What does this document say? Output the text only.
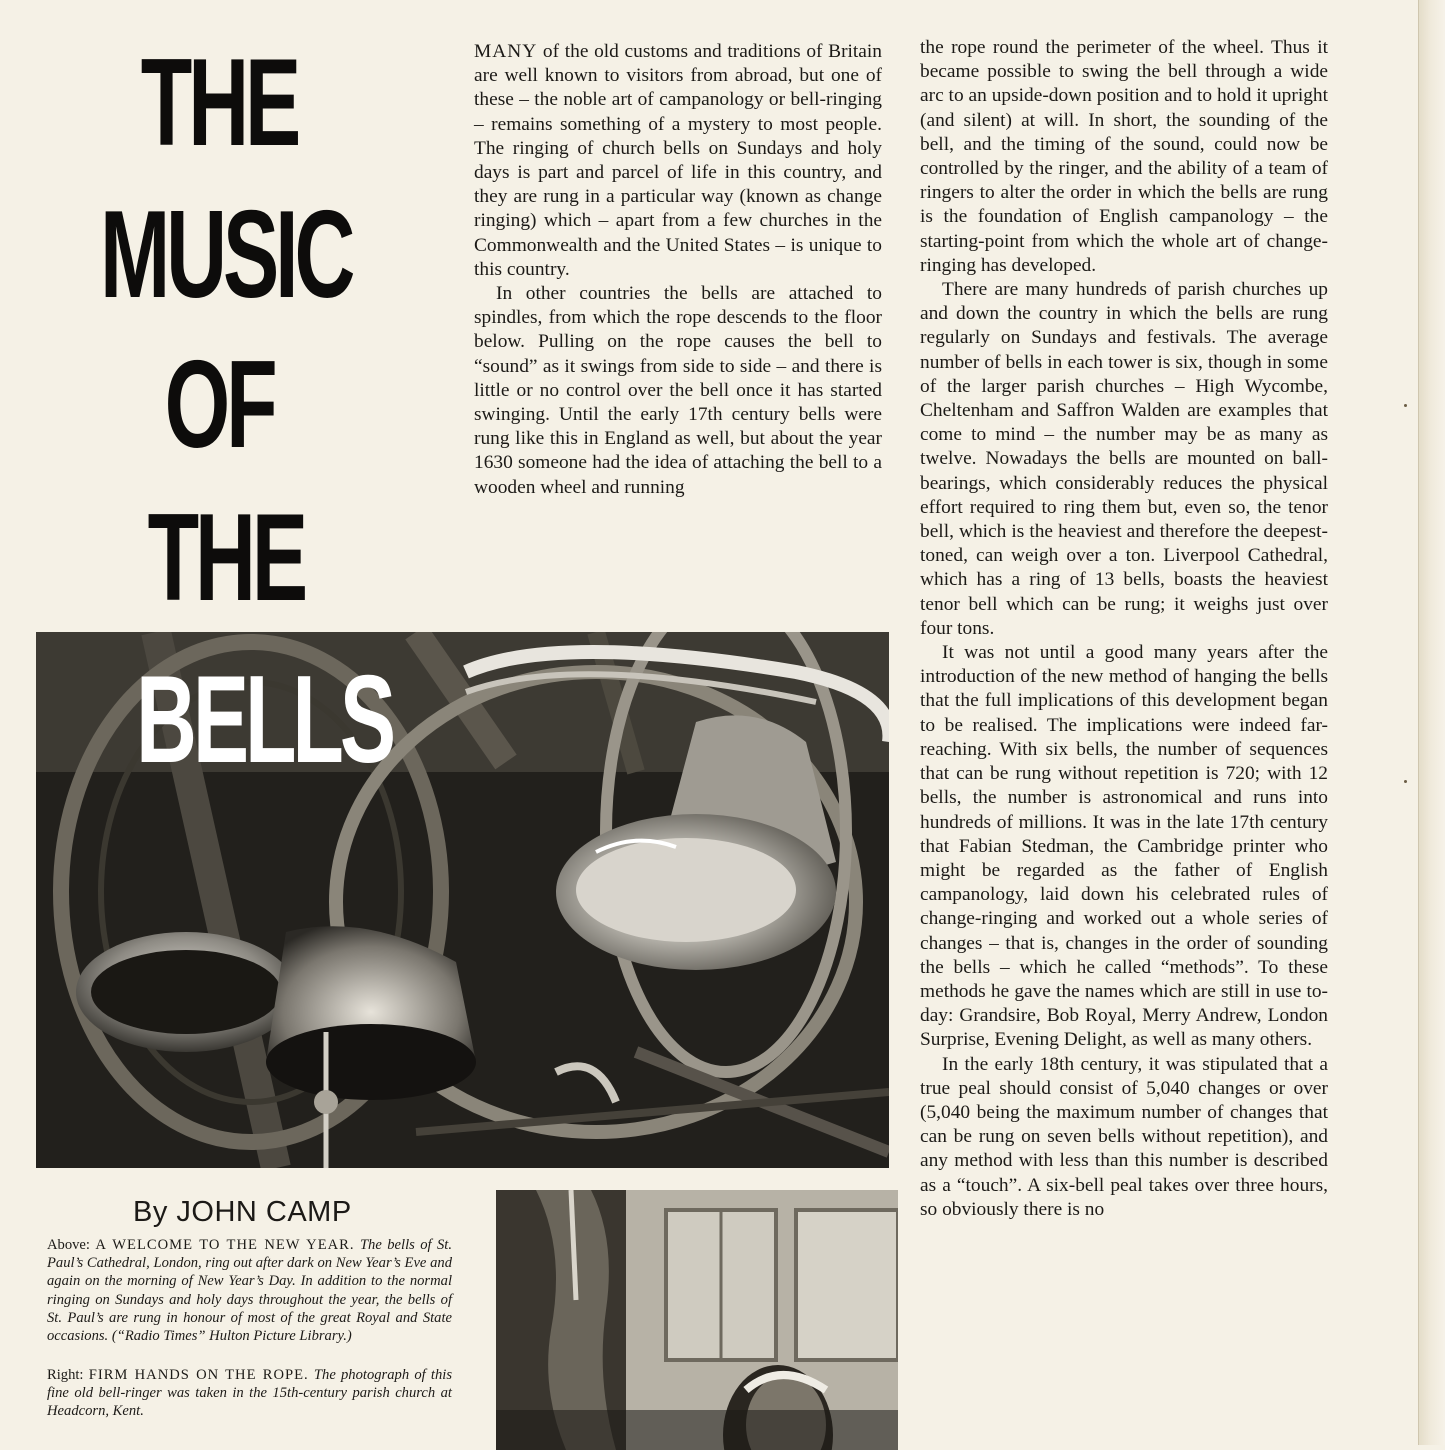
THE
MUSIC
OF
THE
BELLS

MANY of the old customs and traditions of Britain are well known to visitors from abroad, but one of these – the noble art of campanology or bell-ringing – remains something of a mystery to most people. The ringing of church bells on Sundays and holy days is part and parcel of life in this country, and they are rung in a particular way (known as change ringing) which – apart from a few churches in the Commonwealth and the United States – is unique to this country.

In other countries the bells are attached to spindles, from which the rope descends to the floor below. Pulling on the rope causes the bell to “sound” as it swings from side to side – and there is little or no control over the bell once it has started swinging. Until the early 17th century bells were rung like this in England as well, but about the year 1630 someone had the idea of attaching the bell to a wooden wheel and running

the rope round the perimeter of the wheel. Thus it became possible to swing the bell through a wide arc to an upside-down position and to hold it upright (and silent) at will. In short, the sounding of the bell, and the timing of the sound, could now be controlled by the ringer, and the ability of a team of ringers to alter the order in which the bells are rung is the foundation of English campanology – the starting-point from which the whole art of change-ringing has developed.

There are many hundreds of parish churches up and down the country in which the bells are rung regularly on Sundays and festivals. The average number of bells in each tower is six, though in some of the larger parish churches – High Wycombe, Cheltenham and Saffron Walden are examples that come to mind – the number may be as many as twelve. Nowadays the bells are mounted on ball-bearings, which considerably reduces the physical effort required to ring them but, even so, the tenor bell, which is the heaviest and therefore the deepest-toned, can weigh over a ton. Liverpool Cathedral, which has a ring of 13 bells, boasts the heaviest tenor bell which can be rung; it weighs just over four tons.

It was not until a good many years after the introduction of the new method of hanging the bells that the full implications of this development began to be realised. The implications were indeed far-reaching. With six bells, the number of sequences that can be rung without repetition is 720; with 12 bells, the number is astronomical and runs into hundreds of millions. It was in the late 17th century that Fabian Stedman, the Cambridge printer who might be regarded as the father of English campanology, laid down his celebrated rules of change-ringing and worked out a whole series of changes – that is, changes in the order of sounding the bells – which he called “methods”. To these methods he gave the names which are still in use to-day: Grandsire, Bob Royal, Merry Andrew, London Surprise, Evening Delight, as well as many others.

In the early 18th century, it was stipulated that a true peal should consist of 5,040 changes or over (5,040 being the maximum number of changes that can be rung on seven bells without repetition), and any method with less than this number is described as a “touch”. A six-bell peal takes over three hours, so obviously there is no

By JOHN CAMP
Above: A WELCOME TO THE NEW YEAR. The bells of St. Paul’s Cathedral, London, ring out after dark on New Year’s Eve and again on the morning of New Year’s Day. In addition to the normal ringing on Sundays and holy days throughout the year, the bells of St. Paul’s are rung in honour of most of the great Royal and State occasions. (“Radio Times” Hulton Picture Library.)
Right: FIRM HANDS ON THE ROPE. The photograph of this fine old bell-ringer was taken in the 15th-century parish church at Headcorn, Kent.
